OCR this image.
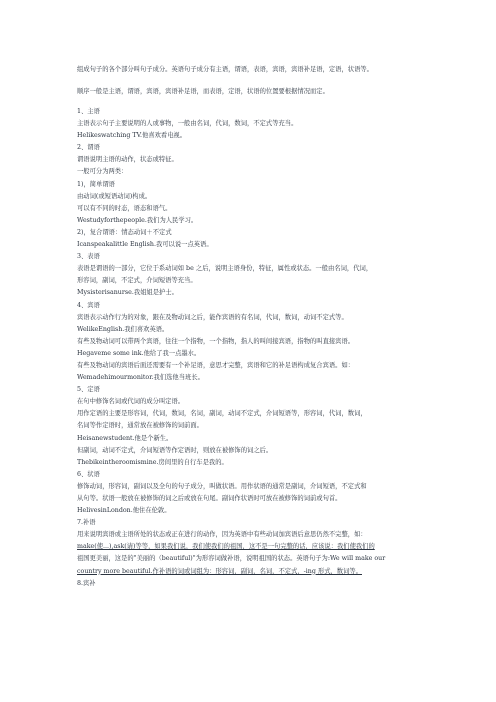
组成句子的各个部分叫句子成分。英语句子成分有主语，谓语，表语，宾语，宾语补足语，定语，状语等。
顺序一般是主语，谓语，宾语，宾语补足语，而表语，定语，状语的位置要根据情况而定。
1、主语
主语表示句子主要说明的人或事物，一般由名词，代词，数词，不定式等充当。
Helikeswatching TV.他喜欢看电视。
2、谓语
谓语说明主语的动作，状态或特征。
一般可分为两类：
1)，简单谓语
由动词(或短语动词)构成。
可以有不同的时态，语态和语气。
Westudyforthepeople.我们为人民学习。
2)，复合谓语：情态动词＋不定式
Icanspeakalittle English.我可以说一点英语。
3、表语
表语是谓语的一部分，它位于系动词如 be 之后，说明主语身份，特征，属性或状态。一般由名词，代词，
形容词，副词，不定式，介词短语等充当。
Mysisterisanurse.我姐姐是护士。
4、宾语
宾语表示动作行为的对象，跟在及物动词之后，能作宾语的有名词，代词，数词，动词不定式等。
WelikeEnglish.我们喜欢英语。
有些及物动词可以带两个宾语，往往一个指物，一个指物，指人的叫间接宾语，指物的叫直接宾语。
Hegaveme some ink.他给了我一点墨水。
有些及物动词的宾语后面还需要有一个补足语，意思才完整，宾语和它的补足语构成复合宾语。如：
Wemadehimourmonitor.我们选他当班长。
5、定语
在句中修饰名词或代词的成分叫定语。
用作定语的主要是形容词，代词，数词，名词，副词，动词不定式，介词短语等，形容词，代词，数词，
名词等作定语时，通常放在被修饰的词前面。
Heisanewstudent.他是个新生。
但副词，动词不定式，介词短语等作定语时，则放在被修饰的词之后。
Thebikeintheroomismine.房间里的自行车是我的。
6、状语
修饰动词，形容词，副词以及全句的句子成分，叫做状语。用作状语的通常是副词，介词短语，不定式和
从句等。状语一般放在被修饰的词之后或放在句尾。副词作状语时可放在被修饰的词前或句首。
HelivesinLondon.他住在伦敦。
7.补语
用来说明宾语或主语所处的状态或正在进行的动作，因为英语中有些动词加宾语后意思仍然不完整，如：
make(使...),ask(请)等等，如果我们说，我们使我们的祖国，这不是一句完整的话，应该说：我们使我们的
祖国更美丽，这是的"美丽的（beautiful)"为形容词做补语，说明祖国的状态。英语句子为:We will make our
country more beautiful.作补语的词或词组为：形容词，副词，名词，不定式，-ing 形式，数词等。
8.宾补
